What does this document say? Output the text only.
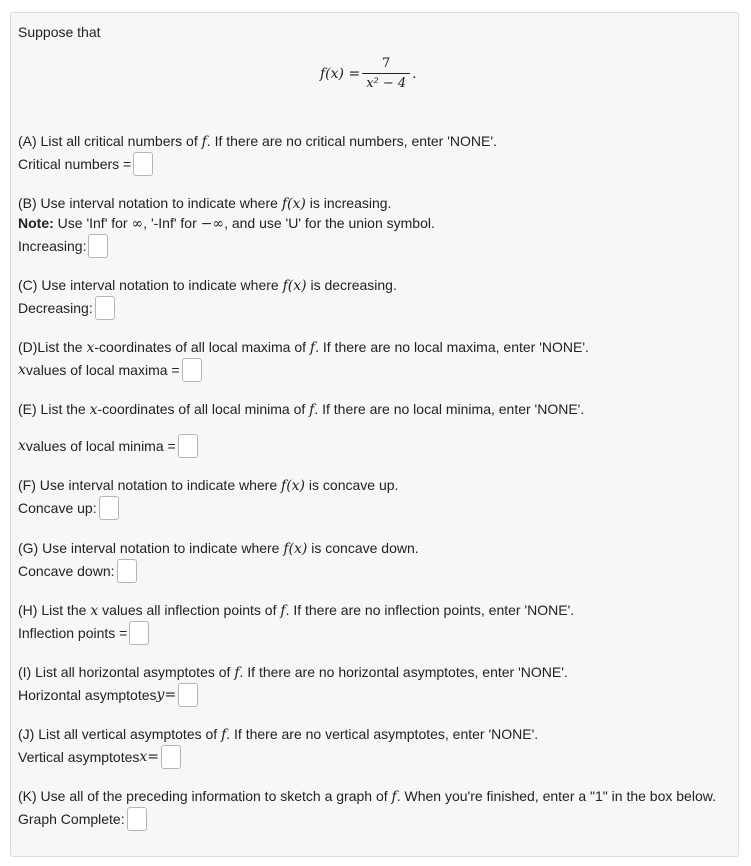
Suppose that
$f(x) = \frac{7}{\text{x² − 4}}$ .
(A) List all critical numbers of f. If there are no critical numbers, enter 'NONE'.
Critical numbers =
(B) Use interval notation to indicate where f(x) is increasing.
Note: Use 'Inf' for ∞, '-Inf' for −∞, and use 'U' for the union symbol.
Increasing:
(C) Use interval notation to indicate where f(x) is decreasing.
Decreasing:
(D)List the x-coordinates of all local maxima of f. If there are no local maxima, enter 'NONE'.
x values of local maxima =
(E) List the x-coordinates of all local minima of f. If there are no local minima, enter 'NONE'.
x values of local minima =
(F) Use interval notation to indicate where f(x) is concave up.
Concave up:
(G) Use interval notation to indicate where f(x) is concave down.
Concave down:
(H) List the x values all inflection points of f. If there are no inflection points, enter 'NONE'.
Inflection points =
(I) List all horizontal asymptotes of f. If there are no horizontal asymptotes, enter 'NONE'.
Horizontal asymptotes y =
(J) List all vertical asymptotes of f. If there are no vertical asymptotes, enter 'NONE'.
Vertical asymptotes x =
(K) Use all of the preceding information to sketch a graph of f. When you're finished, enter a "1" in the box below.
Graph Complete:
